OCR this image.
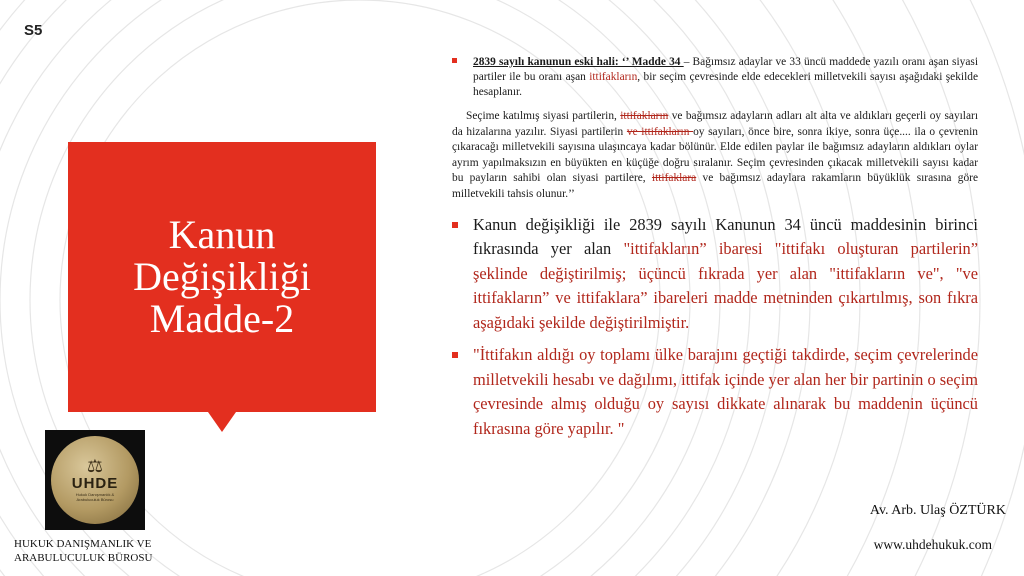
S5
Kanun
Değişikliği
Madde-2
⚖
UHDE
Hukuk Danışmanlık & Arabuluculuk Bürosu
HUKUK DANIŞMANLIK VE ARABULUCULUK BÜROSU

2839 sayılı kanunun eski hali: ‘’ Madde 34 – Bağımsız adaylar ve 33 üncü maddede yazılı oranı aşan siyasi partiler ile bu oranı aşan ittifakların, bir seçim çevresinde elde edecekleri milletvekili sayısı aşağıdaki şekilde hesaplanır.

Seçime katılmış siyasi partilerin, ittifakların ve bağımsız adayların adları alt alta ve aldıkları geçerli oy sayıları da hizalarına yazılır. Siyasi partilerin ve ittifakların oy sayıları, önce bire, sonra ikiye, sonra üçe.... ila o çevrenin çıkaracağı milletvekili sayısına ulaşıncaya kadar bölünür. Elde edilen paylar ile bağımsız adayların aldıkları oylar ayrım yapılmaksızın en büyükten en küçüğe doğru sıralanır. Seçim çevresinden çıkacak milletvekili sayısı kadar bu payların sahibi olan siyasi partilere, ittifaklara ve bağımsız adaylara rakamların büyüklük sırasına göre milletvekili tahsis olunur.’’

Kanun değişikliği ile 2839 sayılı Kanunun 34 üncü maddesinin birinci fıkrasında yer alan "ittifakların” ibaresi "ittifakı oluşturan partilerin” şeklinde değiştirilmiş; üçüncü fıkrada yer alan "ittifakların ve", "ve ittifakların” ve ittifaklara” ibareleri madde metninden çıkartılmış, son fıkra aşağıdaki şekilde değiştirilmiştir.

"İttifakın aldığı oy toplamı ülke barajını geçtiği takdirde, seçim çevrelerinde milletvekili hesabı ve dağılımı, ittifak içinde yer alan her bir partinin o seçim çevresinde almış olduğu oy sayısı dikkate alınarak bu maddenin üçüncü fıkrasına göre yapılır. "

Av. Arb. Ulaş ÖZTÜRK
www.uhdehukuk.com
